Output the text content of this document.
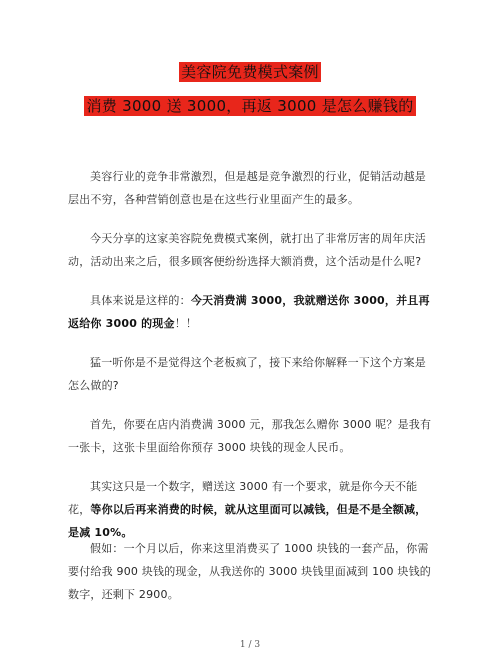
美容院免费模式案例
消费 3000 送 3000，再返 3000 是怎么赚钱的

美容行业的竞争非常激烈，但是越是竞争激烈的行业，促销活动越是层出不穷，各种营销创意也是在这些行业里面产生的最多。

今天分享的这家美容院免费模式案例，就打出了非常厉害的周年庆活动，活动出来之后，很多顾客便纷纷选择大额消费，这个活动是什么呢?

具体来说是这样的：今天消费满 3000，我就赠送你 3000，并且再返给你 3000 的现金！！

猛一听你是不是觉得这个老板疯了，接下来给你解释一下这个方案是怎么做的?

首先，你要在店内消费满 3000 元，那我怎么赠你 3000 呢？是我有一张卡，这张卡里面给你预存 3000 块钱的现金人民币。

其实这只是一个数字，赠送这 3000 有一个要求，就是你今天不能花，等你以后再来消费的时候，就从这里面可以减钱，但是不是全额减，是减 10%。

假如：一个月以后，你来这里消费买了 1000 块钱的一套产品，你需要付给我 900 块钱的现金，从我送你的 3000 块钱里面减到 100 块钱的数字，还剩下 2900。

1 / 3
